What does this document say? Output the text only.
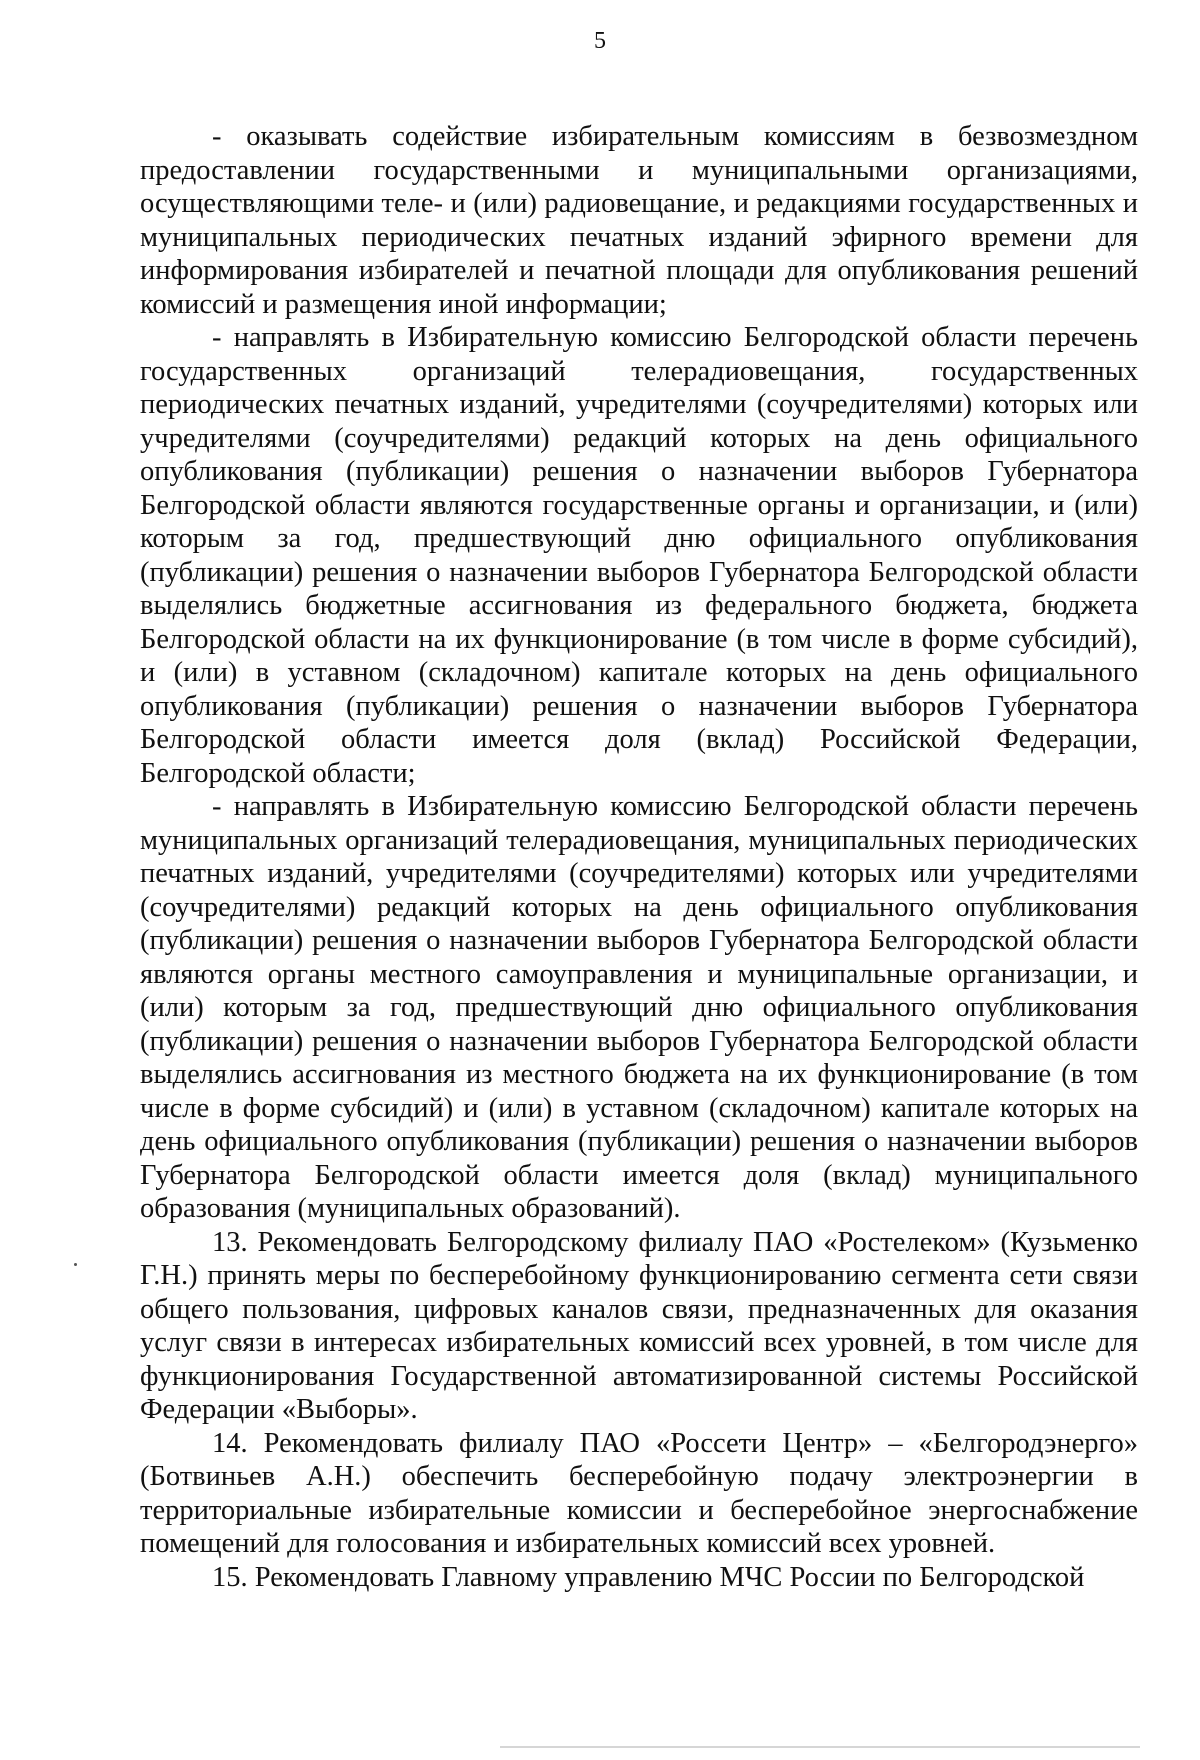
5

- оказывать содействие избирательным комиссиям в безвозмездном предоставлении государственными и муниципальными организациями, осуществляющими теле- и (или) радиовещание, и редакциями государственных и муниципальных периодических печатных изданий эфирного времени для информирования избирателей и печатной площади для опубликования решений комиссий и размещения иной информации;

- направлять в Избирательную комиссию Белгородской области перечень государственных организаций телерадиовещания, государственных периодических печатных изданий, учредителями (соучредителями) которых или учредителями (соучредителями) редакций которых на день официального опубликования (публикации) решения о назначении выборов Губернатора Белгородской области являются государственные органы и организации, и (или) которым за год, предшествующий дню официального опубликования (публикации) решения о назначении выборов Губернатора Белгородской области выделялись бюджетные ассигнования из федерального бюджета, бюджета Белгородской области на их функционирование (в том числе в форме субсидий), и (или) в уставном (складочном) капитале которых на день официального опубликования (публикации) решения о назначении выборов Губернатора Белгородской области имеется доля (вклад) Российской Федерации, Белгородской области;

- направлять в Избирательную комиссию Белгородской области перечень муниципальных организаций телерадиовещания, муниципальных периодических печатных изданий, учредителями (соучредителями) которых или учредителями (соучредителями) редакций которых на день официального опубликования (публикации) решения о назначении выборов Губернатора Белгородской области являются органы местного самоуправления и муниципальные организации, и (или) которым за год, предшествующий дню официального опубликования (публикации) решения о назначении выборов Губернатора Белгородской области выделялись ассигнования из местного бюджета на их функционирование (в том числе в форме субсидий) и (или) в уставном (складочном) капитале которых на день официального опубликования (публикации) решения о назначении выборов Губернатора Белгородской области имеется доля (вклад) муниципального образования (муниципальных образований).

13. Рекомендовать Белгородскому филиалу ПАО «Ростелеком» (Кузьменко Г.Н.) принять меры по бесперебойному функционированию сегмента сети связи общего пользования, цифровых каналов связи, предназначенных для оказания услуг связи в интересах избирательных комиссий всех уровней, в том числе для функционирования Государственной автоматизированной системы Российской Федерации «Выборы».

14. Рекомендовать филиалу ПАО «Россети Центр» – «Белгородэнерго» (Ботвиньев А.Н.) обеспечить бесперебойную подачу электроэнергии в территориальные избирательные комиссии и бесперебойное энергоснабжение помещений для голосования и избирательных комиссий всех уровней.

15. Рекомендовать Главному управлению МЧС России по Белгородской
